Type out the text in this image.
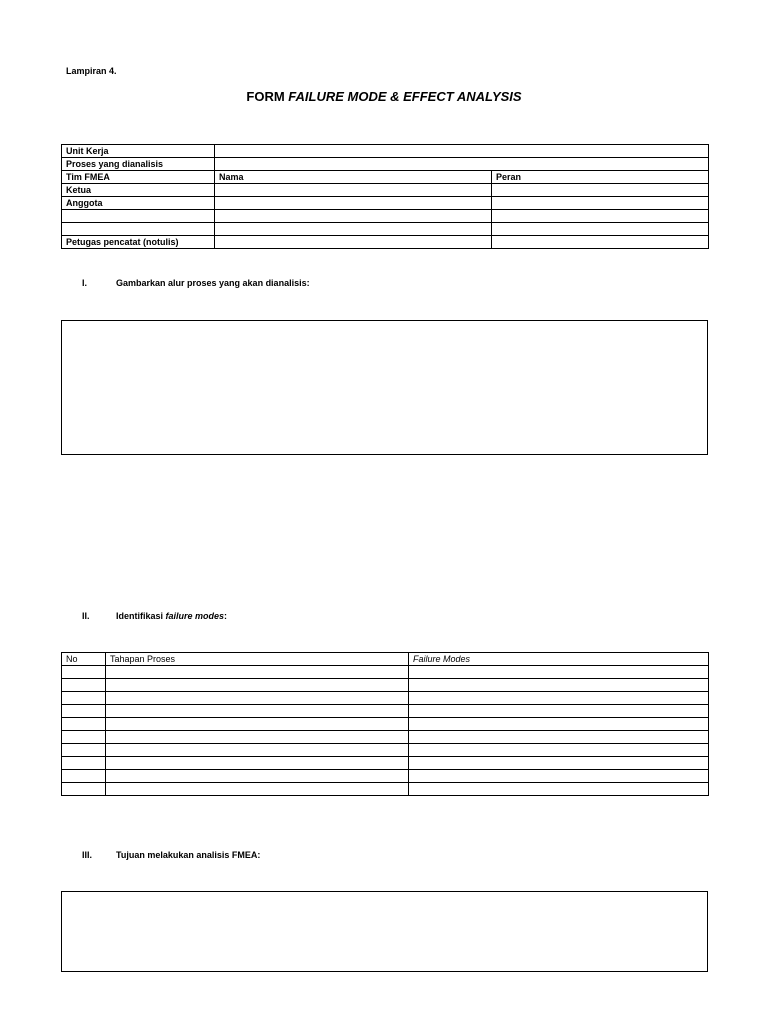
Lampiran 4.
FORM FAILURE MODE & EFFECT ANALYSIS
Unit Kerja		
Proses yang dianalisis		
Tim FMEA	Nama	Peran
Ketua		
Anggota		

Petugas pencatat (notulis)		
I.	Gambarkan alur proses yang akan dianalisis:
II.	Identifikasi failure modes:
No	Tahapan Proses	Failure Modes

III.	Tujuan melakukan analisis FMEA:
